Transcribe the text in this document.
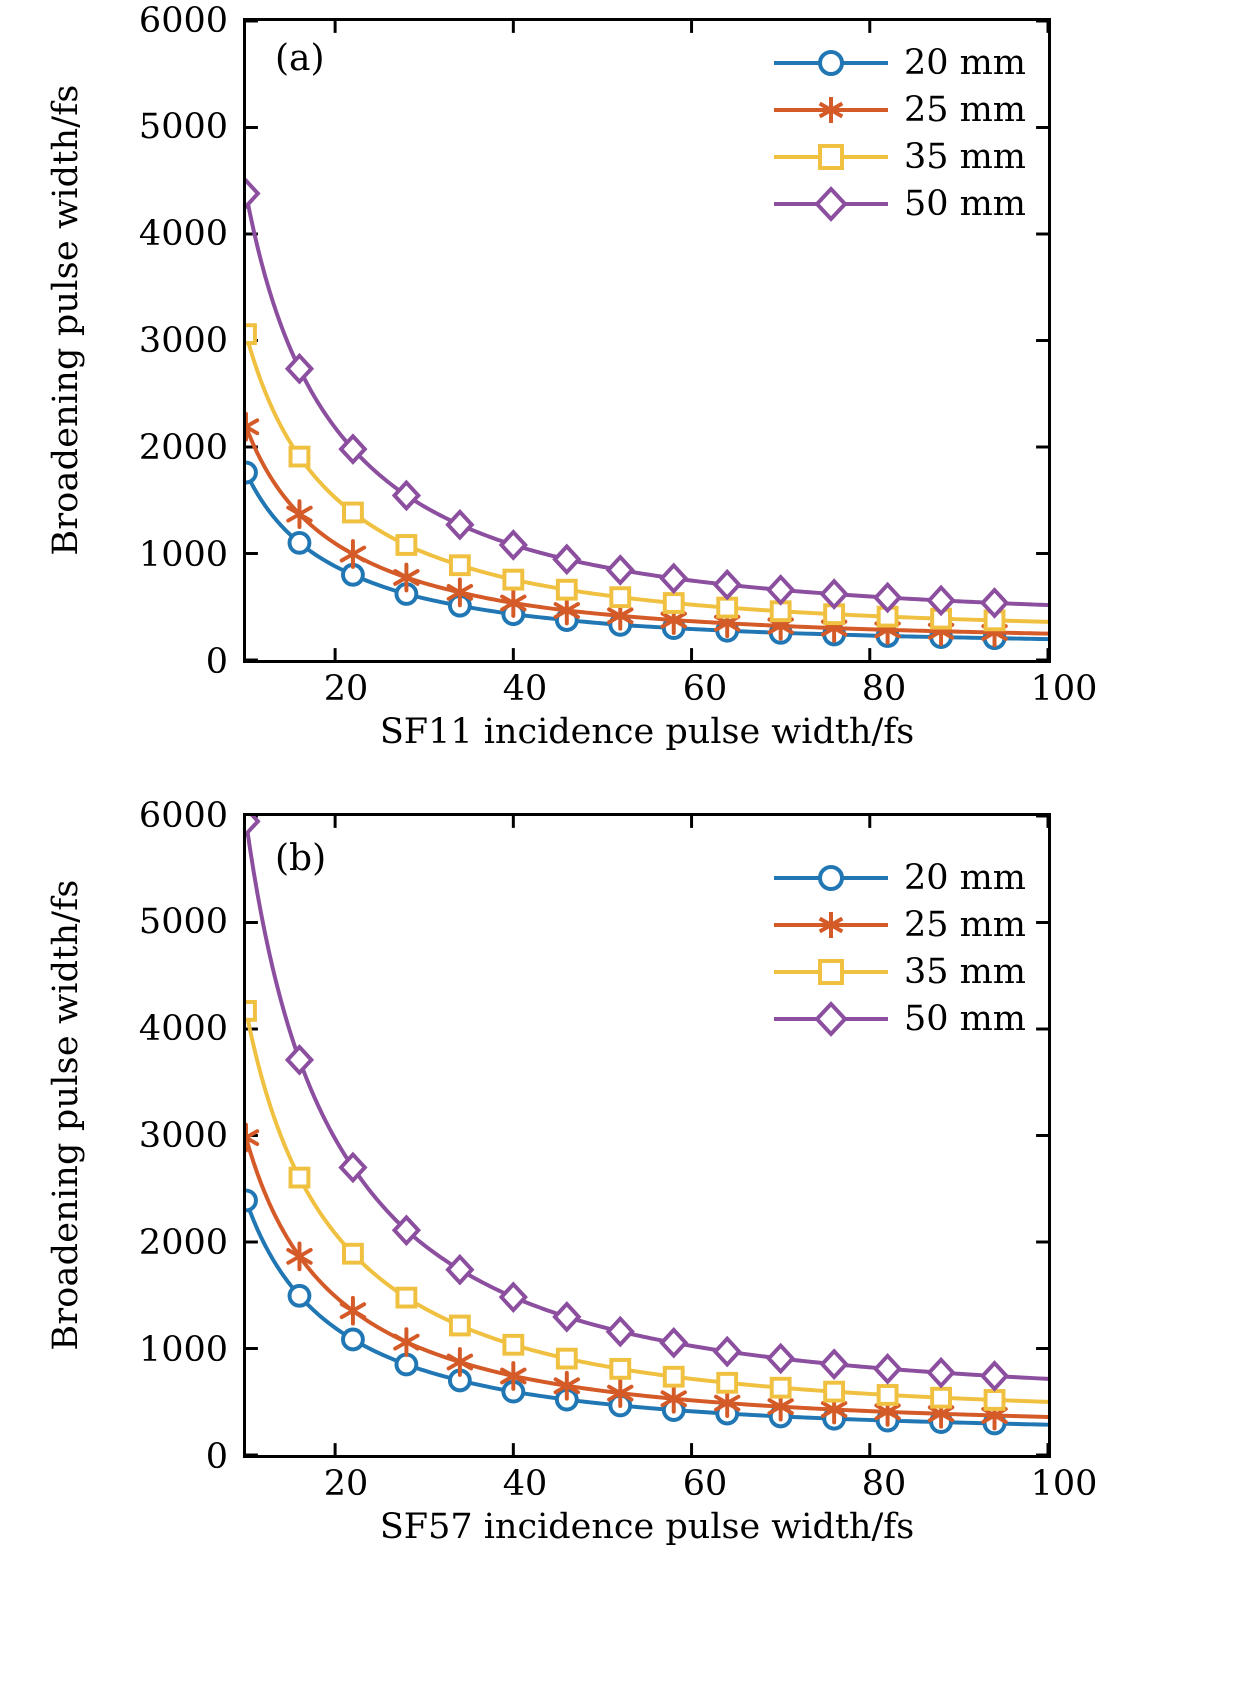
Broadening pulse width/fs
6000
5000
4000
3000
2000
1000
0
20	40	60	80	100
20 mm
25 mm
35 mm
50 mm
SF11 incidence pulse width/fs
(a)
Broadening pulse width/fs
6000
5000
4000
3000
2000
1000
0
20	40	60	80	100
20 mm
25 mm
35 mm
50 mm
SF57 incidence pulse width/fs
(b)
